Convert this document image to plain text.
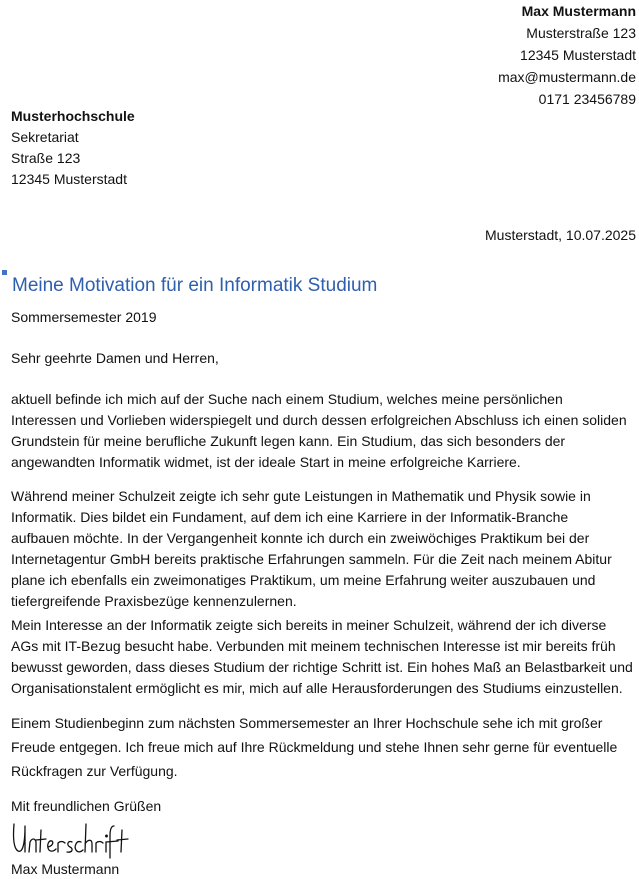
Max Mustermann
Musterstraße 123
12345 Musterstadt
max@mustermann.de
0171 23456789
Musterhochschule
Sekretariat
Straße 123
12345 Musterstadt
Musterstadt, 10.07.2025
Meine Motivation für ein Informatik Studium
Sommersemester 2019
Sehr geehrte Damen und Herren,
aktuell befinde ich mich auf der Suche nach einem Studium, welches meine persönlichen
Interessen und Vorlieben widerspiegelt und durch dessen erfolgreichen Abschluss ich einen soliden
Grundstein für meine berufliche Zukunft legen kann. Ein Studium, das sich besonders der
angewandten Informatik widmet, ist der ideale Start in meine erfolgreiche Karriere.
Während meiner Schulzeit zeigte ich sehr gute Leistungen in Mathematik und Physik sowie in
Informatik. Dies bildet ein Fundament, auf dem ich eine Karriere in der Informatik-Branche
aufbauen möchte. In der Vergangenheit konnte ich durch ein zweiwöchiges Praktikum bei der
Internetagentur GmbH bereits praktische Erfahrungen sammeln. Für die Zeit nach meinem Abitur
plane ich ebenfalls ein zweimonatiges Praktikum, um meine Erfahrung weiter auszubauen und
tiefergreifende Praxisbezüge kennenzulernen.
Mein Interesse an der Informatik zeigte sich bereits in meiner Schulzeit, während der ich diverse
AGs mit IT-Bezug besucht habe. Verbunden mit meinem technischen Interesse ist mir bereits früh
bewusst geworden, dass dieses Studium der richtige Schritt ist. Ein hohes Maß an Belastbarkeit und
Organisationstalent ermöglicht es mir, mich auf alle Herausforderungen des Studiums einzustellen.
Einem Studienbeginn zum nächsten Sommersemester an Ihrer Hochschule sehe ich mit großer
Freude entgegen. Ich freue mich auf Ihre Rückmeldung und stehe Ihnen sehr gerne für eventuelle
Rückfragen zur Verfügung.
Mit freundlichen Grüßen
Max Mustermann
